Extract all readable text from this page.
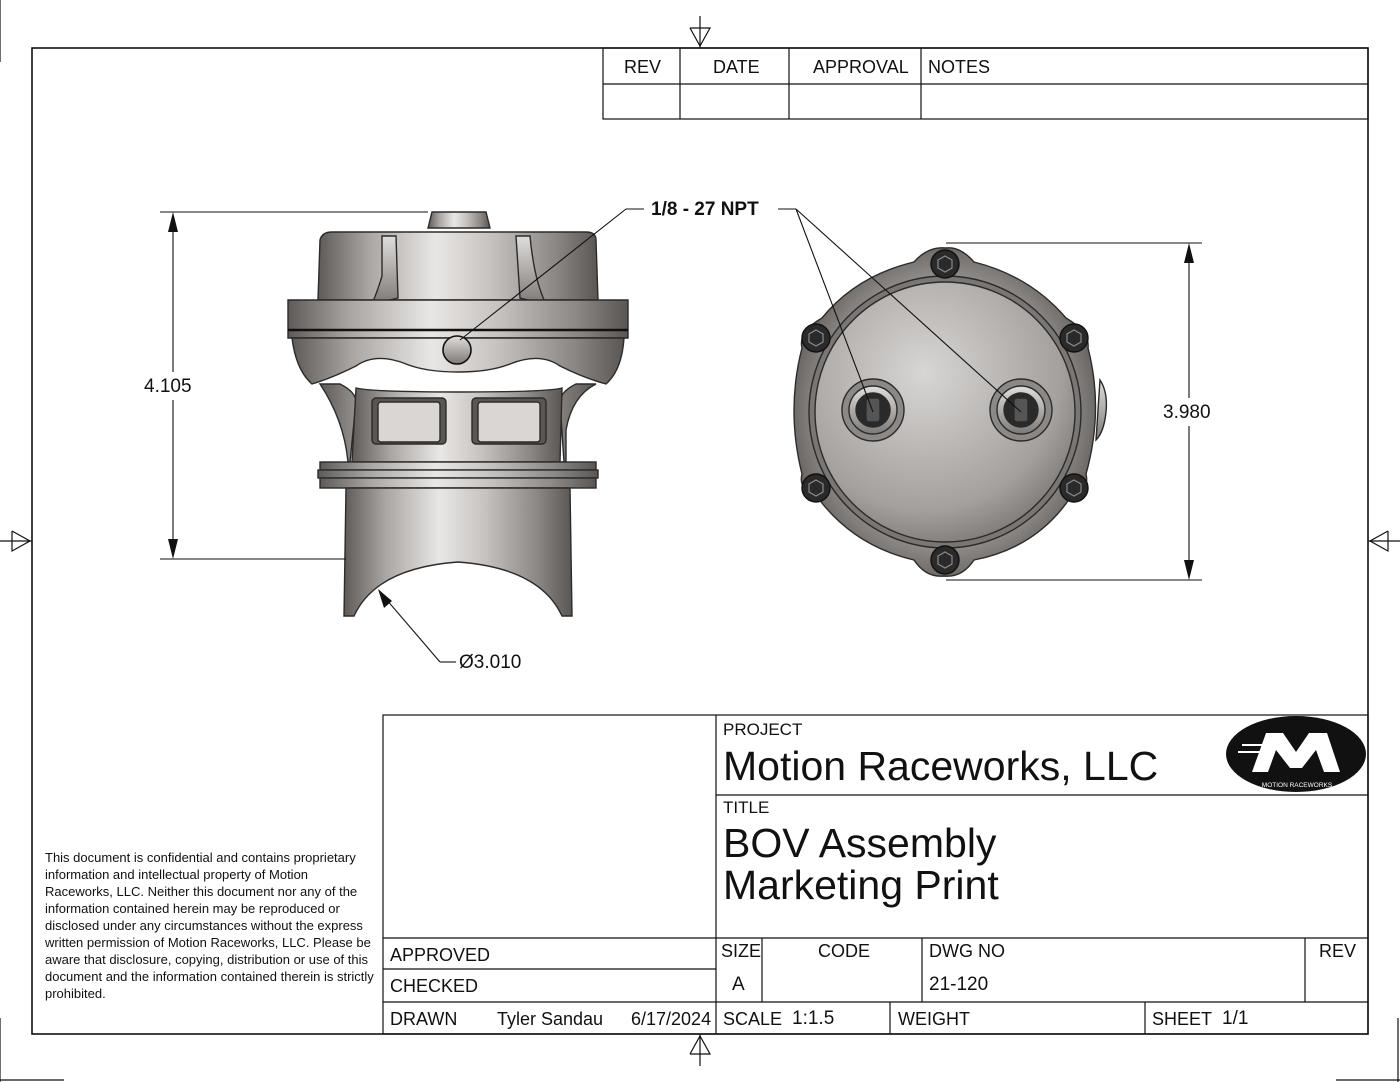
MOTION RACEWORKS
REV	DATE	APPROVAL NOTES
4.105
Ø3.010
1/8 - 27 NPT
3.980
This document is confidential and contains proprietary information and intellectual property of Motion Raceworks, LLC. Neither this document nor any of the information contained herein may be reproduced or disclosed under any circumstances without the express written permission of Motion Raceworks, LLC. Please be aware that disclosure, copying, distribution or use of this document and the information contained therein is strictly prohibited.
PROJECT
Motion Raceworks, LLC
TITLE
BOV Assembly
Marketing Print
APPROVED
CHECKED
DRAWN Tyler Sandau 6/17/2024
SIZE
A
CODE	DWG NO
21-120
REV
SCALE 1:1.5	WEIGHT	SHEET 1/1
